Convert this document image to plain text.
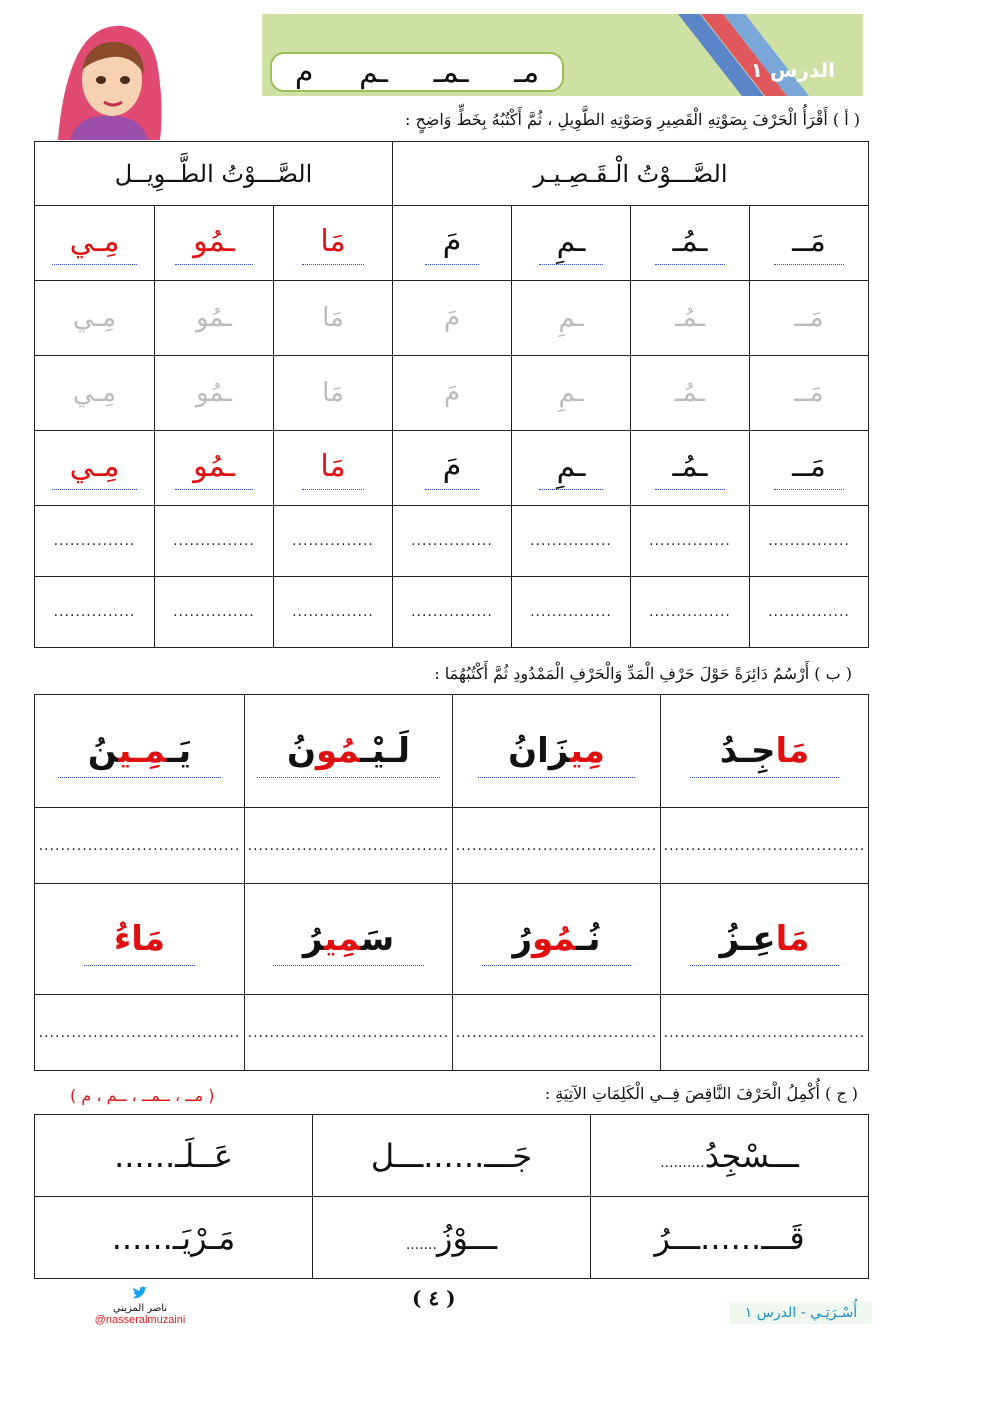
مـ
ـمـ
ـم
م	الدرس ١
( أ ) أَقْرَأُ الْحَرْفَ بِصَوْتِهِ الْقَصِيرِ وَصَوْتِهِ الطَّوِيلِ ، ثُمَّ أَكْتُبُهُ بِخَطٍّ وَاضِحٍ :
الصَّـــوْتُ الْـقَـصِـيـر				الصَّـــوْتُ الطَّــوِيــل		
مَــ	ـمُـ	ـمِ	مَ	مَا	ـمُو	مِـي
مَــ	ـمُـ	ـمِ	مَ	مَا	ـمُو	مِـي
مَــ	ـمُـ	ـمِ	مَ	مَا	ـمُو	مِـي
مَــ	ـمُـ	ـمِ	مَ	مَا	ـمُو	مِـي
...............	...............	...............	...............	...............	...............	...............
...............	...............	...............	...............	...............	...............	...............
( ب ) أَرْسُمُ دَائِرَةً حَوْلَ حَرْفِ الْمَدِّ وَالْحَرْفِ الْمَمْدُودِ ثُمَّ أَكْتُبُهُمَا :
مَاجِـدُ	مِيزَانُ	لَـيْـمُونُ	يَـمِـينُ
.....................................	.....................................	.....................................	.....................................
مَاعِـزُ	نُـمُورُ	سَمِيرُ	مَاءُ
.....................................	.....................................	.....................................	.....................................
( ج ) أُكْمِلُ الْحَرْفَ النَّاقِصَ فِــي الْكَلِمَاتِ الآتِيَةِ :
( مــ ، ــمــ ، ــم ، م )
ـــسْجِدُ..........	جَـــ......ـــل	عَــلَـ......
قَـــ......ـــرُ	ـــوْزُ.......	مَـرْيَـ......
ناصر المزيني
@nasseralmuzaini
( ٤ )
أُسْـرَتِـي - الدرس ١
